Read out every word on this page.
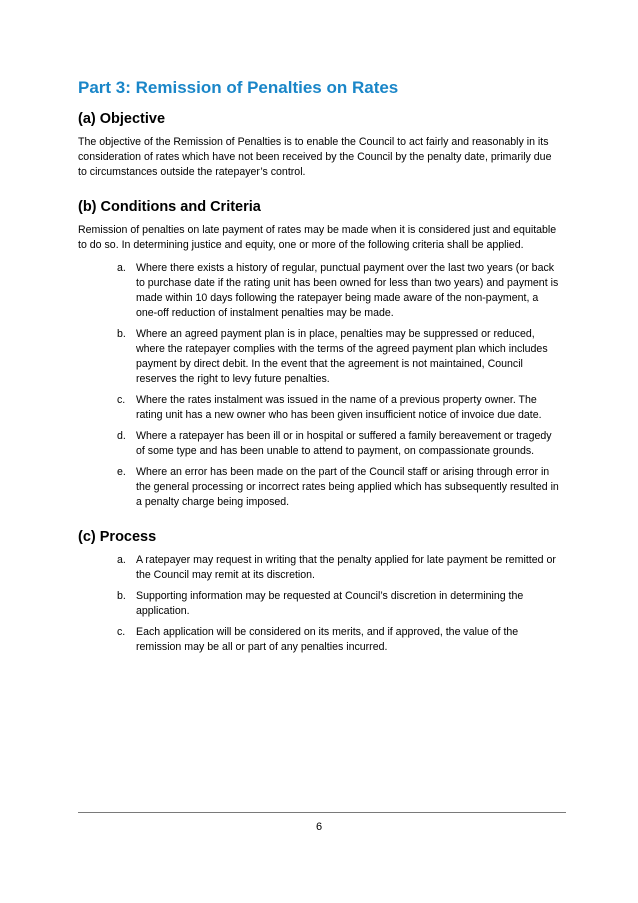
Part 3: Remission of Penalties on Rates
(a) Objective

The objective of the Remission of Penalties is to enable the Council to act fairly and reasonably in its consideration of rates which have not been received by the Council by the penalty date, primarily due to circumstances outside the ratepayer’s control.

(b) Conditions and Criteria

Remission of penalties on late payment of rates may be made when it is considered just and equitable to do so. In determining justice and equity, one or more of the following criteria shall be applied.

a. Where there exists a history of regular, punctual payment over the last two years (or back to purchase date if the rating unit has been owned for less than two years) and payment is made within 10 days following the ratepayer being made aware of the non-payment, a one-off reduction of instalment penalties may be made.
b. Where an agreed payment plan is in place, penalties may be suppressed or reduced, where the ratepayer complies with the terms of the agreed payment plan which includes payment by direct debit. In the event that the agreement is not maintained, Council reserves the right to levy future penalties.
c. Where the rates instalment was issued in the name of a previous property owner. The rating unit has a new owner who has been given insufficient notice of invoice due date.
d. Where a ratepayer has been ill or in hospital or suffered a family bereavement or tragedy of some type and has been unable to attend to payment, on compassionate grounds.
e. Where an error has been made on the part of the Council staff or arising through error in the general processing or incorrect rates being applied which has subsequently resulted in a penalty charge being imposed.
(c) Process
a. A ratepayer may request in writing that the penalty applied for late payment be remitted or the Council may remit at its discretion.
b. Supporting information may be requested at Council’s discretion in determining the application.
c. Each application will be considered on its merits, and if approved, the value of the remission may be all or part of any penalties incurred.
6
